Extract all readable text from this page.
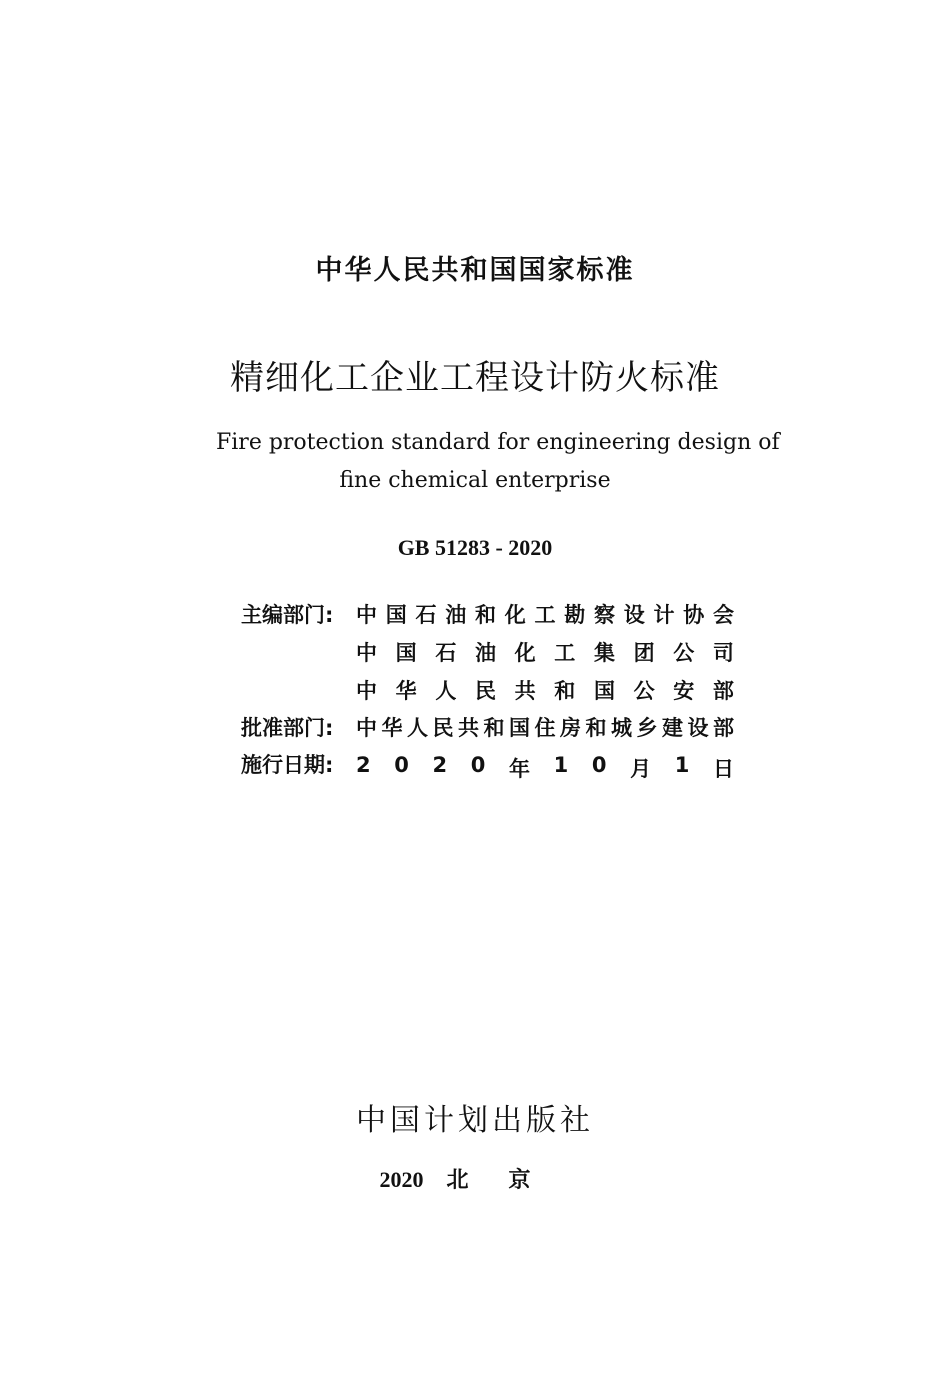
中华人民共和国国家标准
精细化工企业工程设计防火标准
Fire protection standard for engineering design of
fine chemical enterprise
GB 51283 - 2020
主编部门: 中 国 石 油 和 化 工 勘 察 设 计 协 会
中 国 石 油 化 工 集 团 公 司
中 华 人 民 共 和 国 公 安 部
批准部门: 中 华 人 民 共 和 国 住 房 和 城 乡 建 设 部
施行日期: 2 0 2 0 年 1 0 月 1 日
中国计划出版社
2020 北京
